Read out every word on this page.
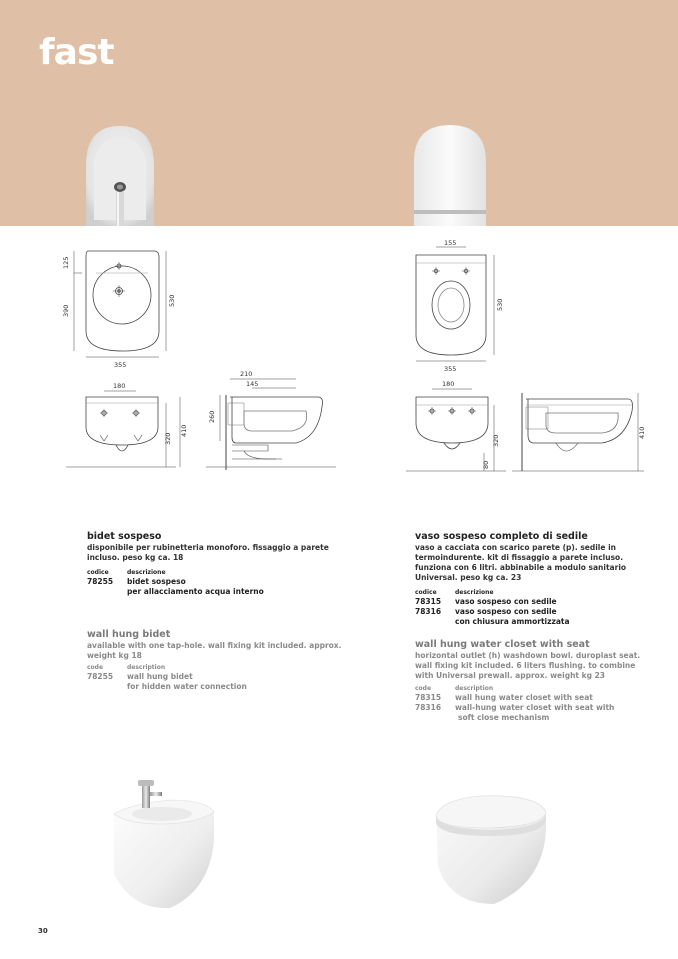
fast
125
390
530
355
180
320
410
210
145
260
155
530
355
180
320
80
410
bidet sospeso
disponibile per rubinetteria monoforo. fissaggio a parete incluso. peso kg ca. 18
codice	descrizione
78255	bidet sospeso
per allacciamento acqua interno
wall hung bidet
available with one tap-hole. wall fixing kit included. approx. weight kg 18
code	description
78255	wall hung bidet
for hidden water connection
vaso sospeso completo di sedile
vaso a cacciata con scarico parete (p). sedile in termoindurente. kit di fissaggio a parete incluso. funziona con 6 litri. abbinabile a modulo sanitario Universal. peso kg ca. 23
codice	descrizione
78315	vaso sospeso con sedile
78316	vaso sospeso con sedile
con chiusura ammortizzata
wall hung water closet with seat
horizontal outlet (h) washdown bowl. duroplast seat. wall fixing kit included. 6 liters flushing. to combine with Universal prewall. approx. weight kg 23
code	description
78315	wall hung water closet with seat
78316	wall-hung water closet with seat with
soft close mechanism
30
